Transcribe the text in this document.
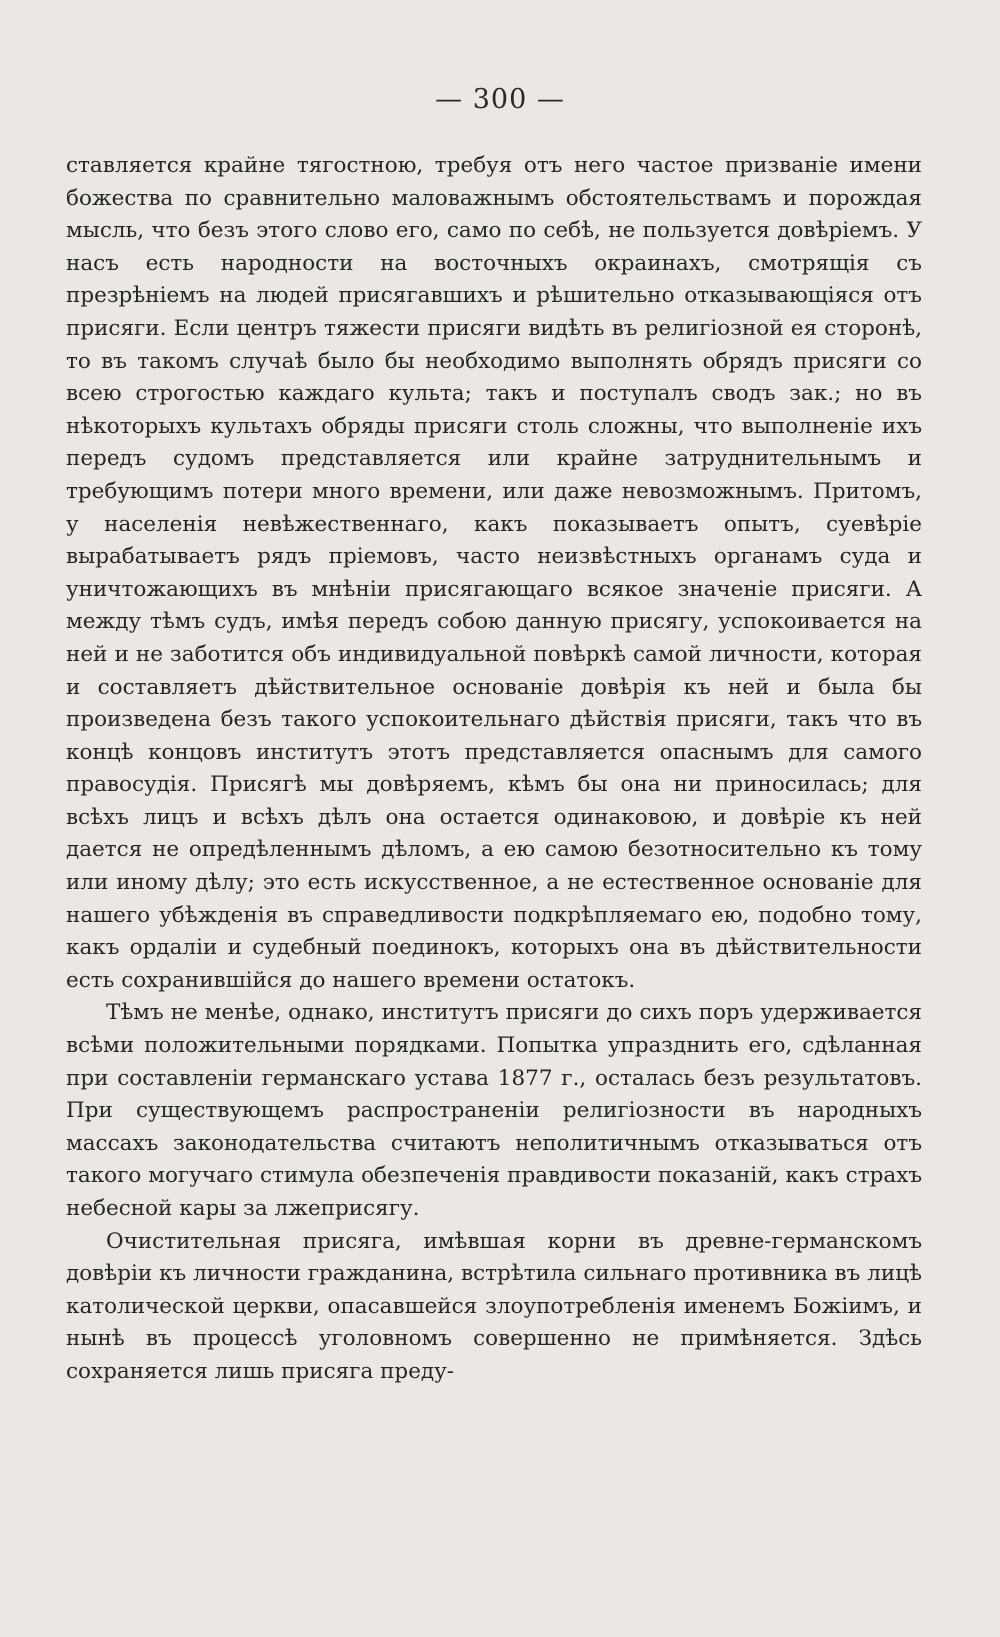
— 300 —

ставляется крайне тягостною, требуя отъ него частое призваніе имени божества по сравнительно маловажнымъ обстоятельствамъ и порождая мысль, что безъ этого слово его, само по себѣ, не пользуется довѣріемъ. У насъ есть народности на восточныхъ окраинахъ, смотрящія съ презрѣніемъ на людей присягавшихъ и рѣшительно отказывающіяся отъ присяги. Если центръ тяжести присяги видѣть въ религіозной ея сторонѣ, то въ такомъ случаѣ было бы необходимо выполнять обрядъ присяги со всею строгостью каждаго культа; такъ и поступалъ сводъ зак.; но въ нѣкоторыхъ культахъ обряды присяги столь сложны, что выполненіе ихъ передъ судомъ представляется или крайне затруднительнымъ и требующимъ потери много времени, или даже невозможнымъ. Притомъ, у населенія невѣжественнаго, какъ показываетъ опытъ, суевѣріе вырабатываетъ рядъ пріемовъ, часто неизвѣстныхъ органамъ суда и уничтожающихъ въ мнѣніи присягающаго всякое значеніе присяги. А между тѣмъ судъ, имѣя передъ собою данную присягу, успокоивается на ней и не заботится объ индивидуальной повѣркѣ самой личности, которая и составляетъ дѣйствительное основаніе довѣрія къ ней и была бы произведена безъ такого успокоительнаго дѣйствія присяги, такъ что въ концѣ концовъ институтъ этотъ представляется опаснымъ для самого правосудія. Присягѣ мы довѣряемъ, кѣмъ бы она ни приносилась; для всѣхъ лицъ и всѣхъ дѣлъ она остается одинаковою, и довѣріе къ ней дается не опредѣленнымъ дѣломъ, а ею самою безотносительно къ тому или иному дѣлу; это есть искусственное, а не естественное основаніе для нашего убѣжденія въ справедливости подкрѣпляемаго ею, подобно тому, какъ ордаліи и судебный поединокъ, которыхъ она въ дѣйствительности есть сохранившійся до нашего времени остатокъ.

Тѣмъ не менѣе, однако, институтъ присяги до сихъ поръ удерживается всѣми положительными порядками. Попытка упразднить его, сдѣланная при составленіи германскаго устава 1877 г., осталась безъ результатовъ. При существующемъ распространеніи религіозности въ народныхъ массахъ законодательства считаютъ неполитичнымъ отказываться отъ такого могучаго стимула обезпеченія правдивости показаній, какъ страхъ небесной кары за лжеприсягу.

Очистительная присяга, имѣвшая корни въ древне-германскомъ довѣріи къ личности гражданина, встрѣтила сильнаго противника въ лицѣ католической церкви, опасавшейся злоупотребленія именемъ Божіимъ, и нынѣ въ процессѣ уголовномъ совершенно не примѣняется. Здѣсь сохраняется лишь присяга преду-
